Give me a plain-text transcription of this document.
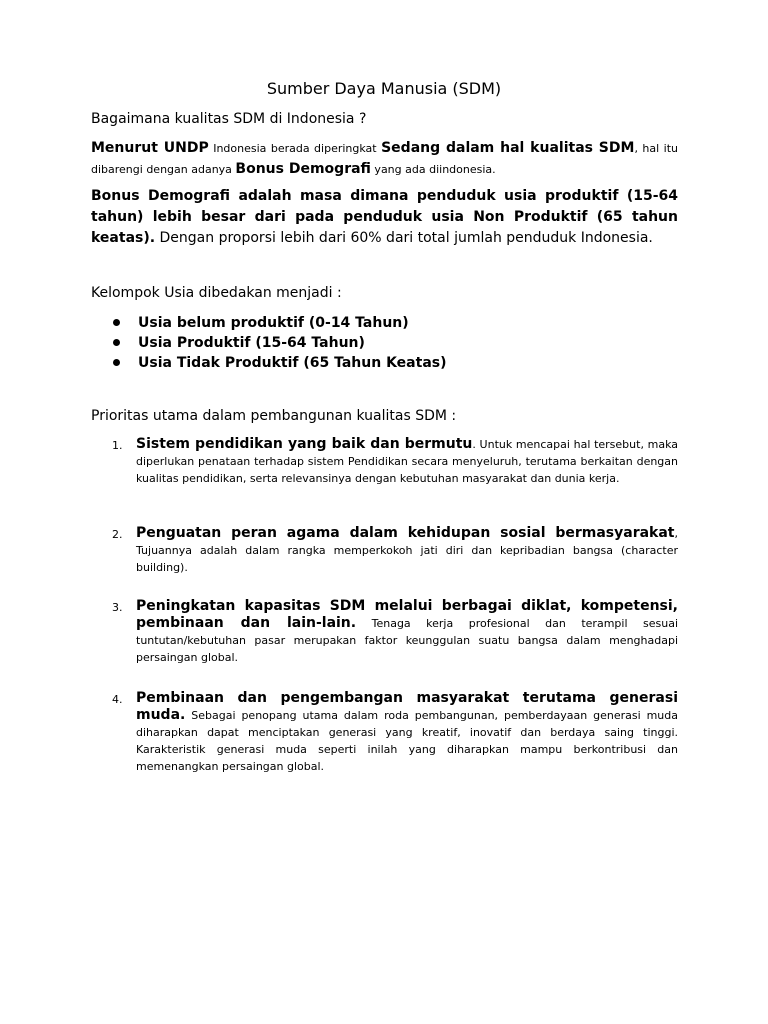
Sumber Daya Manusia (SDM)

Bagaimana kualitas SDM di Indonesia ?

Menurut UNDP Indonesia berada diperingkat Sedang dalam hal kualitas SDM, hal itu dibarengi dengan adanya Bonus Demografi yang ada diindonesia.

Bonus Demografi adalah masa dimana penduduk usia produktif (15-64 tahun) lebih besar dari pada penduduk usia Non Produktif (65 tahun keatas). Dengan proporsi lebih dari 60% dari total jumlah penduduk Indonesia.

Kelompok Usia dibedakan menjadi :

Usia belum produktif (0-14 Tahun)
Usia Produktif (15-64 Tahun)
Usia Tidak Produktif (65 Tahun Keatas)

Prioritas utama dalam pembangunan kualitas SDM :

1. Sistem pendidikan yang baik dan bermutu. Untuk mencapai hal tersebut, maka diperlukan penataan terhadap sistem Pendidikan secara menyeluruh, terutama berkaitan dengan kualitas pendidikan, serta relevansinya dengan kebutuhan masyarakat dan dunia kerja.
2. Penguatan peran agama dalam kehidupan sosial bermasyarakat, Tujuannya adalah dalam rangka memperkokoh jati diri dan kepribadian bangsa (character building).
3. Peningkatan kapasitas SDM melalui berbagai diklat, kompetensi, pembinaan dan lain-lain. Tenaga kerja profesional dan terampil sesuai tuntutan/kebutuhan pasar merupakan faktor keunggulan suatu bangsa dalam menghadapi persaingan global.
4. Pembinaan dan pengembangan masyarakat terutama generasi muda. Sebagai penopang utama dalam roda pembangunan, pemberdayaan generasi muda diharapkan dapat menciptakan generasi yang kreatif, inovatif dan berdaya saing tinggi. Karakteristik generasi muda seperti inilah yang diharapkan mampu berkontribusi dan memenangkan persaingan global.
